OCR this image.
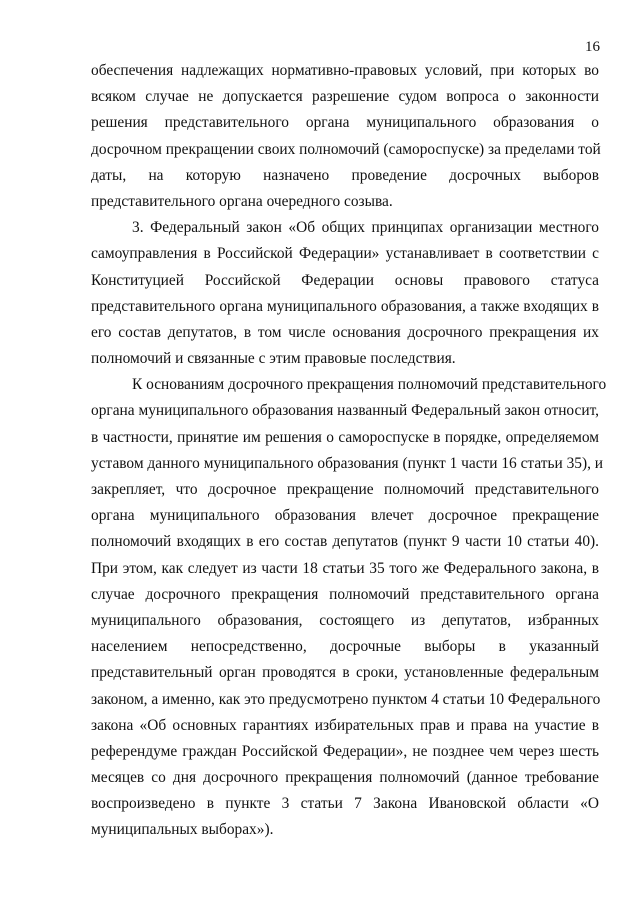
16
обеспечения надлежащих нормативно-правовых условий, при которых во
всяком случае не допускается разрешение судом вопроса о законности
решения представительного органа муниципального образования о
досрочном прекращении своих полномочий (самороспуске) за пределами той
даты, на которую назначено проведение досрочных выборов
представительного органа очередного созыва.
3. Федеральный закон «Об общих принципах организации местного
самоуправления в Российской Федерации» устанавливает в соответствии с
Конституцией Российской Федерации основы правового статуса
представительного органа муниципального образования, а также входящих в
его состав депутатов, в том числе основания досрочного прекращения их
полномочий и связанные с этим правовые последствия.
К основаниям досрочного прекращения полномочий представительного
органа муниципального образования названный Федеральный закон относит,
в частности, принятие им решения о самороспуске в порядке, определяемом
уставом данного муниципального образования (пункт 1 части 16 статьи 35), и
закрепляет, что досрочное прекращение полномочий представительного
органа муниципального образования влечет досрочное прекращение
полномочий входящих в его состав депутатов (пункт 9 части 10 статьи 40).
При этом, как следует из части 18 статьи 35 того же Федерального закона, в
случае досрочного прекращения полномочий представительного органа
муниципального образования, состоящего из депутатов, избранных
населением непосредственно, досрочные выборы в указанный
представительный орган проводятся в сроки, установленные федеральным
законом, а именно, как это предусмотрено пунктом 4 статьи 10 Федерального
закона «Об основных гарантиях избирательных прав и права на участие в
референдуме граждан Российской Федерации», не позднее чем через шесть
месяцев со дня досрочного прекращения полномочий (данное требование
воспроизведено в пункте 3 статьи 7 Закона Ивановской области «О
муниципальных выборах»).
